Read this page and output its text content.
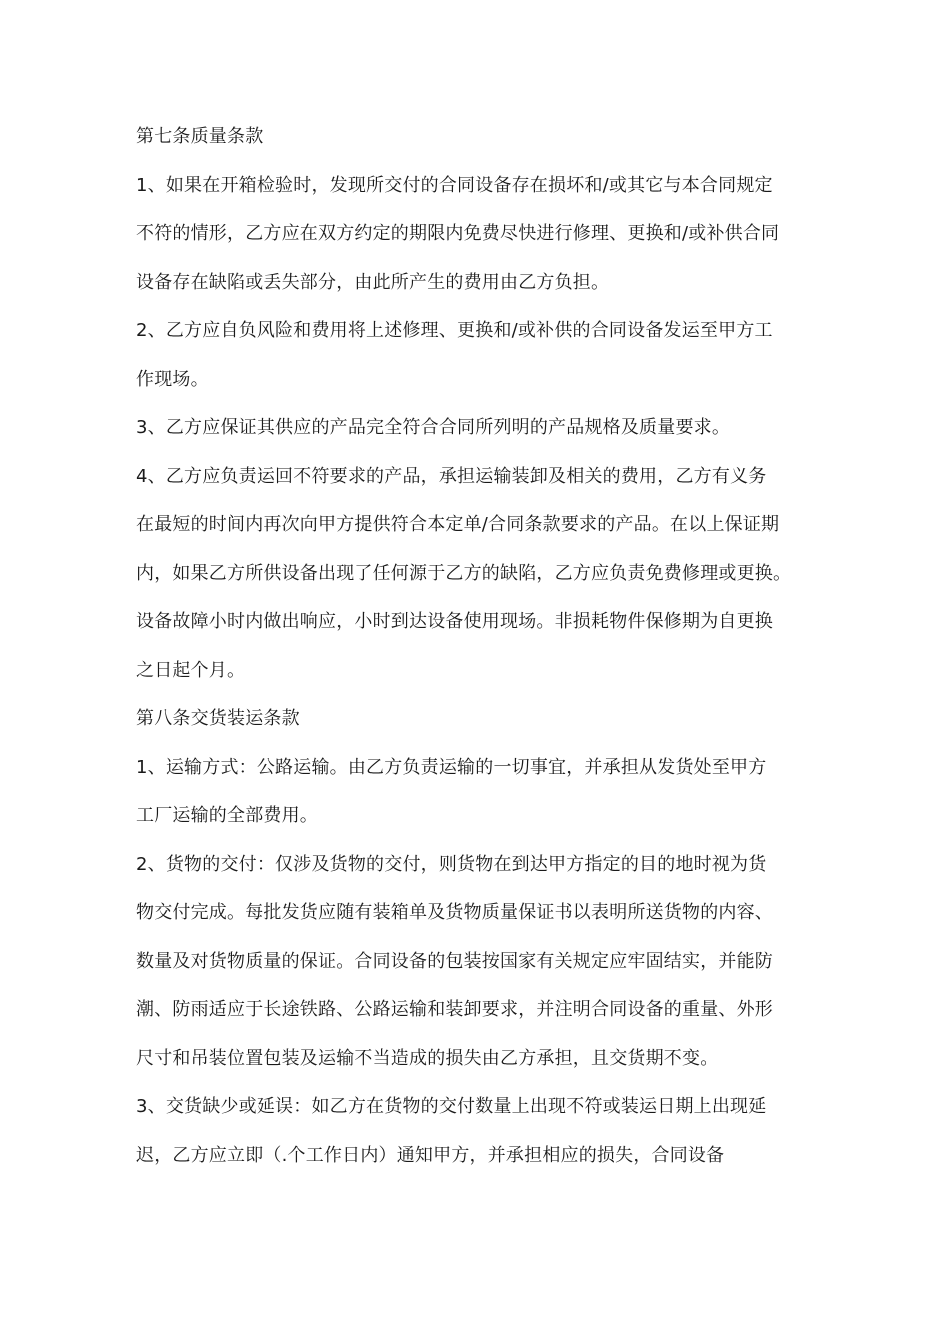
第七条质量条款

1、如果在开箱检验时，发现所交付的合同设备存在损坏和/或其它与本合同规定
不符的情形，乙方应在双方约定的期限内免费尽快进行修理、更换和/或补供合同
设备存在缺陷或丢失部分，由此所产生的费用由乙方负担。

2、乙方应自负风险和费用将上述修理、更换和/或补供的合同设备发运至甲方工
作现场。

3、乙方应保证其供应的产品完全符合合同所列明的产品规格及质量要求。

4、乙方应负责运回不符要求的产品，承担运输装卸及相关的费用，乙方有义务
在最短的时间内再次向甲方提供符合本定单/合同条款要求的产品。在以上保证期
内，如果乙方所供设备出现了任何源于乙方的缺陷，乙方应负责免费修理或更换。
设备故障小时内做出响应，小时到达设备使用现场。非损耗物件保修期为自更换
之日起个月。

第八条交货装运条款

1、运输方式：公路运输。由乙方负责运输的一切事宜，并承担从发货处至甲方
工厂运输的全部费用。

2、货物的交付：仅涉及货物的交付，则货物在到达甲方指定的目的地时视为货
物交付完成。每批发货应随有装箱单及货物质量保证书以表明所送货物的内容、
数量及对货物质量的保证。合同设备的包装按国家有关规定应牢固结实，并能防
潮、防雨适应于长途铁路、公路运输和装卸要求，并注明合同设备的重量、外形
尺寸和吊装位置包装及运输不当造成的损失由乙方承担，且交货期不变。

3、交货缺少或延误：如乙方在货物的交付数量上出现不符或装运日期上出现延
迟，乙方应立即（.个工作日内）通知甲方，并承担相应的损失，合同设备
